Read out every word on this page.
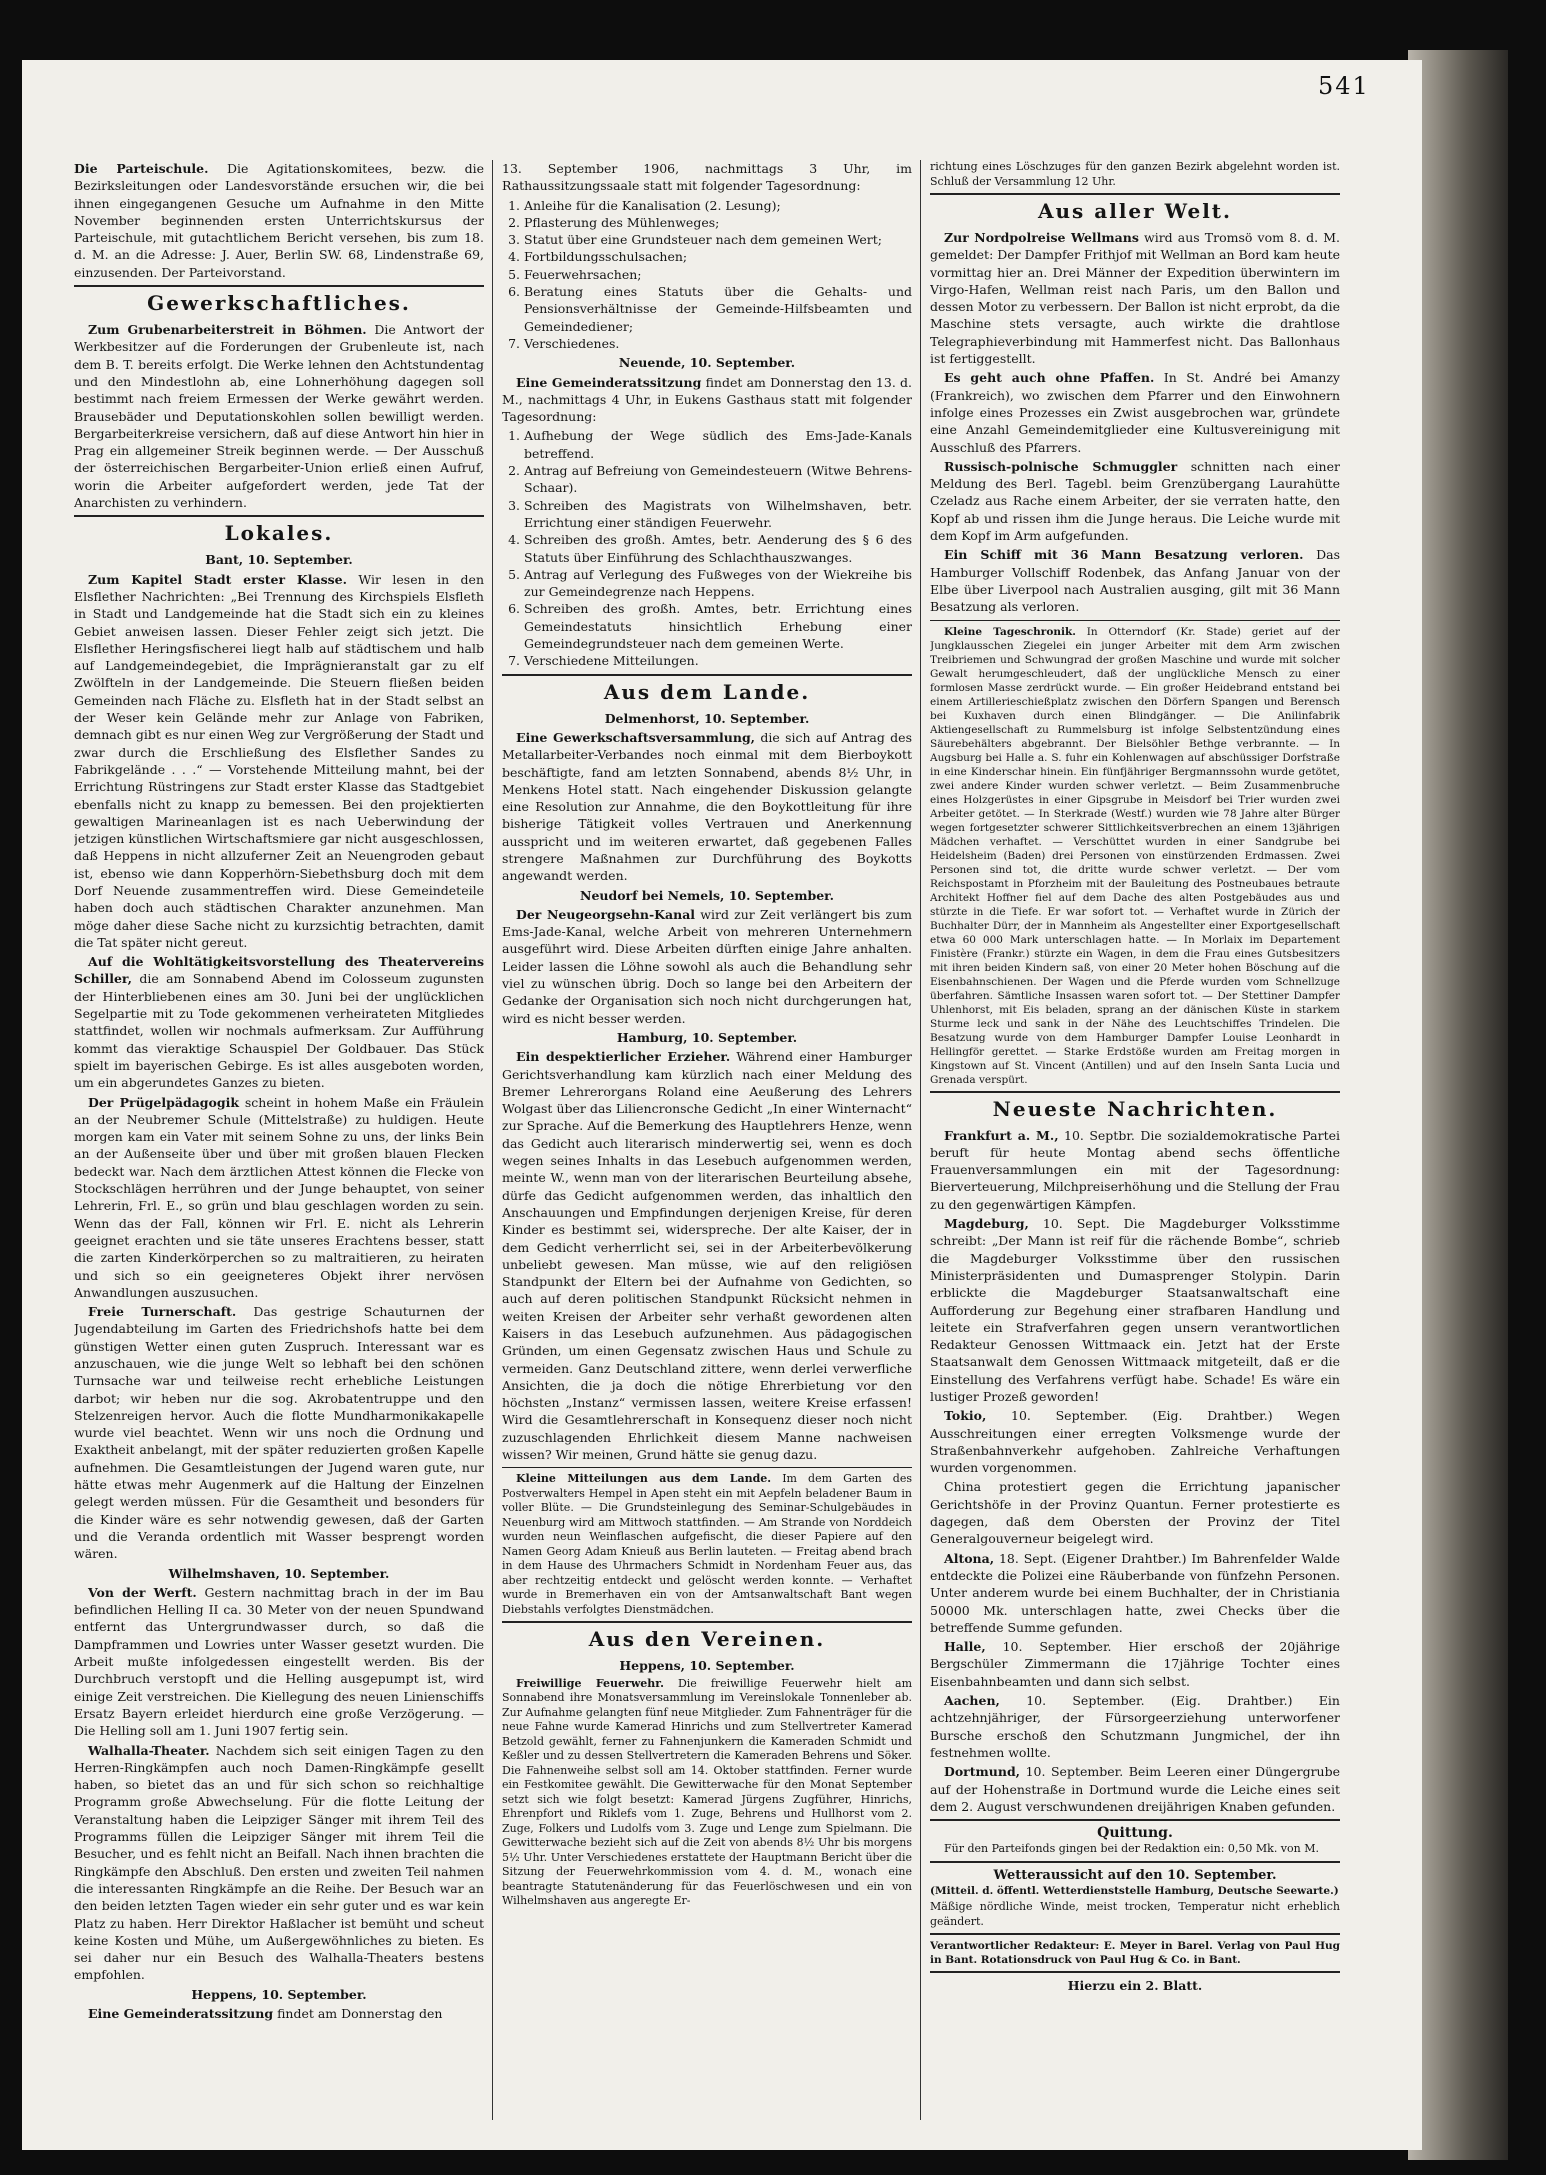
541

Die Parteischule. Die Agitationskomitees, bezw. die Bezirksleitungen oder Landesvorstände ersuchen wir, die bei ihnen eingegangenen Gesuche um Aufnahme in den Mitte November beginnenden ersten Unterrichtskursus der Parteischule, mit gutachtlichem Bericht versehen, bis zum 18. d. M. an die Adresse: J. Auer, Berlin SW. 68, Lindenstraße 69, einzusenden. Der Parteivorstand.

Gewerkschaftliches.

Zum Grubenarbeiterstreit in Böhmen. Die Antwort der Werkbesitzer auf die Forderungen der Grubenleute ist, nach dem B. T. bereits erfolgt. Die Werke lehnen den Achtstundentag und den Mindestlohn ab, eine Lohnerhöhung dagegen soll bestimmt nach freiem Ermessen der Werke gewährt werden. Brausebäder und Deputationskohlen sollen bewilligt werden. Bergarbeiterkreise versichern, daß auf diese Antwort hin hier in Prag ein allgemeiner Streik beginnen werde. — Der Ausschuß der österreichischen Bergarbeiter-Union erließ einen Aufruf, worin die Arbeiter aufgefordert werden, jede Tat der Anarchisten zu verhindern.

Lokales.
Bant, 10. September.

Zum Kapitel Stadt erster Klasse. Wir lesen in den Elsflether Nachrichten: „Bei Trennung des Kirchspiels Elsfleth in Stadt und Landgemeinde hat die Stadt sich ein zu kleines Gebiet anweisen lassen. Dieser Fehler zeigt sich jetzt. Die Elsflether Heringsfischerei liegt halb auf städtischem und halb auf Landgemeindegebiet, die Imprägnieranstalt gar zu elf Zwölfteln in der Landgemeinde. Die Steuern fließen beiden Gemeinden nach Fläche zu. Elsfleth hat in der Stadt selbst an der Weser kein Gelände mehr zur Anlage von Fabriken, demnach gibt es nur einen Weg zur Vergrößerung der Stadt und zwar durch die Erschließung des Elsflether Sandes zu Fabrikgelände . . .“ — Vorstehende Mitteilung mahnt, bei der Errichtung Rüstringens zur Stadt erster Klasse das Stadtgebiet ebenfalls nicht zu knapp zu bemessen. Bei den projektierten gewaltigen Marineanlagen ist es nach Ueberwindung der jetzigen künstlichen Wirtschaftsmiere gar nicht ausgeschlossen, daß Heppens in nicht allzuferner Zeit an Neuengroden gebaut ist, ebenso wie dann Kopperhörn-Siebethsburg doch mit dem Dorf Neuende zusammentreffen wird. Diese Gemeindeteile haben doch auch städtischen Charakter anzunehmen. Man möge daher diese Sache nicht zu kurzsichtig betrachten, damit die Tat später nicht gereut.

Auf die Wohltätigkeitsvorstellung des Theatervereins Schiller, die am Sonnabend Abend im Colosseum zugunsten der Hinterbliebenen eines am 30. Juni bei der unglücklichen Segelpartie mit zu Tode gekommenen verheirateten Mitgliedes stattfindet, wollen wir nochmals aufmerksam. Zur Aufführung kommt das vieraktige Schauspiel Der Goldbauer. Das Stück spielt im bayerischen Gebirge. Es ist alles ausgeboten worden, um ein abgerundetes Ganzes zu bieten.

Der Prügelpädagogik scheint in hohem Maße ein Fräulein an der Neubremer Schule (Mittelstraße) zu huldigen. Heute morgen kam ein Vater mit seinem Sohne zu uns, der links Bein an der Außenseite über und über mit großen blauen Flecken bedeckt war. Nach dem ärztlichen Attest können die Flecke von Stockschlägen herrühren und der Junge behauptet, von seiner Lehrerin, Frl. E., so grün und blau geschlagen worden zu sein. Wenn das der Fall, können wir Frl. E. nicht als Lehrerin geeignet erachten und sie täte unseres Erachtens besser, statt die zarten Kinderkörperchen so zu maltraitieren, zu heiraten und sich so ein geeigneteres Objekt ihrer nervösen Anwandlungen auszusuchen.

Freie Turnerschaft. Das gestrige Schauturnen der Jugendabteilung im Garten des Friedrichshofs hatte bei dem günstigen Wetter einen guten Zuspruch. Interessant war es anzuschauen, wie die junge Welt so lebhaft bei den schönen Turnsache war und teilweise recht erhebliche Leistungen darbot; wir heben nur die sog. Akrobatentruppe und den Stelzenreigen hervor. Auch die flotte Mundharmonikakapelle wurde viel beachtet. Wenn wir uns noch die Ordnung und Exaktheit anbelangt, mit der später reduzierten großen Kapelle aufnehmen. Die Gesamtleistungen der Jugend waren gute, nur hätte etwas mehr Augenmerk auf die Haltung der Einzelnen gelegt werden müssen. Für die Gesamtheit und besonders für die Kinder wäre es sehr notwendig gewesen, daß der Garten und die Veranda ordentlich mit Wasser besprengt worden wären.

Wilhelmshaven, 10. September.

Von der Werft. Gestern nachmittag brach in der im Bau befindlichen Helling II ca. 30 Meter von der neuen Spundwand entfernt das Untergrundwasser durch, so daß die Dampframmen und Lowries unter Wasser gesetzt wurden. Die Arbeit mußte infolgedessen eingestellt werden. Bis der Durchbruch verstopft und die Helling ausgepumpt ist, wird einige Zeit verstreichen. Die Kiellegung des neuen Linienschiffs Ersatz Bayern erleidet hierdurch eine große Verzögerung. — Die Helling soll am 1. Juni 1907 fertig sein.

Walhalla-Theater. Nachdem sich seit einigen Tagen zu den Herren-Ringkämpfen auch noch Damen-Ringkämpfe gesellt haben, so bietet das an und für sich schon so reichhaltige Programm große Abwechselung. Für die flotte Leitung der Veranstaltung haben die Leipziger Sänger mit ihrem Teil des Programms füllen die Leipziger Sänger mit ihrem Teil die Besucher, und es fehlt nicht an Beifall. Nach ihnen brachten die Ringkämpfe den Abschluß. Den ersten und zweiten Teil nahmen die interessanten Ringkämpfe an die Reihe. Der Besuch war an den beiden letzten Tagen wieder ein sehr guter und es war kein Platz zu haben. Herr Direktor Haßlacher ist bemüht und scheut keine Kosten und Mühe, um Außergewöhnliches zu bieten. Es sei daher nur ein Besuch des Walhalla-Theaters bestens empfohlen.

Heppens, 10. September.

Eine Gemeinderatssitzung findet am Donnerstag den

13. September 1906, nachmittags 3 Uhr, im Rathaussitzungssaale statt mit folgender Tagesordnung:

1. Anleihe für die Kanalisation (2. Lesung);
2. Pflasterung des Mühlenweges;
3. Statut über eine Grundsteuer nach dem gemeinen Wert;
4. Fortbildungsschulsachen;
5. Feuerwehrsachen;
6. Beratung eines Statuts über die Gehalts- und Pensionsverhältnisse der Gemeinde-Hilfsbeamten und Gemeindediener;
7. Verschiedenes.
Neuende, 10. September.

Eine Gemeinderatssitzung findet am Donnerstag den 13. d. M., nachmittags 4 Uhr, in Eukens Gasthaus statt mit folgender Tagesordnung:

1. Aufhebung der Wege südlich des Ems-Jade-Kanals betreffend.
2. Antrag auf Befreiung von Gemeindesteuern (Witwe Behrens-Schaar).
3. Schreiben des Magistrats von Wilhelmshaven, betr. Errichtung einer ständigen Feuerwehr.
4. Schreiben des großh. Amtes, betr. Aenderung des § 6 des Statuts über Einführung des Schlachthauszwanges.
5. Antrag auf Verlegung des Fußweges von der Wiekreihe bis zur Gemeindegrenze nach Heppens.
6. Schreiben des großh. Amtes, betr. Errichtung eines Gemeindestatuts hinsichtlich Erhebung einer Gemeindegrundsteuer nach dem gemeinen Werte.
7. Verschiedene Mitteilungen.
Aus dem Lande.
Delmenhorst, 10. September.

Eine Gewerkschaftsversammlung, die sich auf Antrag des Metallarbeiter-Verbandes noch einmal mit dem Bierboykott beschäftigte, fand am letzten Sonnabend, abends 8½ Uhr, in Menkens Hotel statt. Nach eingehender Diskussion gelangte eine Resolution zur Annahme, die den Boykottleitung für ihre bisherige Tätigkeit volles Vertrauen und Anerkennung ausspricht und im weiteren erwartet, daß gegebenen Falles strengere Maßnahmen zur Durchführung des Boykotts angewandt werden.

Neudorf bei Nemels, 10. September.

Der Neugeorgsehn-Kanal wird zur Zeit verlängert bis zum Ems-Jade-Kanal, welche Arbeit von mehreren Unternehmern ausgeführt wird. Diese Arbeiten dürften einige Jahre anhalten. Leider lassen die Löhne sowohl als auch die Behandlung sehr viel zu wünschen übrig. Doch so lange bei den Arbeitern der Gedanke der Organisation sich noch nicht durchgerungen hat, wird es nicht besser werden.

Hamburg, 10. September.

Ein despektierlicher Erzieher. Während einer Hamburger Gerichtsverhandlung kam kürzlich nach einer Meldung des Bremer Lehrerorgans Roland eine Aeußerung des Lehrers Wolgast über das Liliencronsche Gedicht „In einer Winternacht“ zur Sprache. Auf die Bemerkung des Hauptlehrers Henze, wenn das Gedicht auch literarisch minderwertig sei, wenn es doch wegen seines Inhalts in das Lesebuch aufgenommen werden, meinte W., wenn man von der literarischen Beurteilung absehe, dürfe das Gedicht aufgenommen werden, das inhaltlich den Anschauungen und Empfindungen derjenigen Kreise, für deren Kinder es bestimmt sei, widerspreche. Der alte Kaiser, der in dem Gedicht verherrlicht sei, sei in der Arbeiterbevölkerung unbeliebt gewesen. Man müsse, wie auf den religiösen Standpunkt der Eltern bei der Aufnahme von Gedichten, so auch auf deren politischen Standpunkt Rücksicht nehmen in weiten Kreisen der Arbeiter sehr verhaßt gewordenen alten Kaisers in das Lesebuch aufzunehmen. Aus pädagogischen Gründen, um einen Gegensatz zwischen Haus und Schule zu vermeiden. Ganz Deutschland zittere, wenn derlei verwerfliche Ansichten, die ja doch die nötige Ehrerbietung vor den höchsten „Instanz“ vermissen lassen, weitere Kreise erfassen! Wird die Gesamtlehrerschaft in Konsequenz dieser noch nicht zuzuschlagenden Ehrlichkeit diesem Manne nachweisen wissen? Wir meinen, Grund hätte sie genug dazu.

Kleine Mitteilungen aus dem Lande. Im dem Garten des Postverwalters Hempel in Apen steht ein mit Aepfeln beladener Baum in voller Blüte. — Die Grundsteinlegung des Seminar-Schulgebäudes in Neuenburg wird am Mittwoch stattfinden. — Am Strande von Norddeich wurden neun Weinflaschen aufgefischt, die dieser Papiere auf den Namen Georg Adam Knieuß aus Berlin lauteten. — Freitag abend brach in dem Hause des Uhrmachers Schmidt in Nordenham Feuer aus, das aber rechtzeitig entdeckt und gelöscht werden konnte. — Verhaftet wurde in Bremerhaven ein von der Amtsanwaltschaft Bant wegen Diebstahls verfolgtes Dienstmädchen.

Aus den Vereinen.
Heppens, 10. September.

Freiwillige Feuerwehr. Die freiwillige Feuerwehr hielt am Sonnabend ihre Monatsversammlung im Vereinslokale Tonnenleber ab. Zur Aufnahme gelangten fünf neue Mitglieder. Zum Fahnenträger für die neue Fahne wurde Kamerad Hinrichs und zum Stellvertreter Kamerad Betzold gewählt, ferner zu Fahnenjunkern die Kameraden Schmidt und Keßler und zu dessen Stellvertretern die Kameraden Behrens und Söker. Die Fahnenweihe selbst soll am 14. Oktober stattfinden. Ferner wurde ein Festkomitee gewählt. Die Gewitterwache für den Monat September setzt sich wie folgt besetzt: Kamerad Jürgens Zugführer, Hinrichs, Ehrenpfort und Riklefs vom 1. Zuge, Behrens und Hullhorst vom 2. Zuge, Folkers und Ludolfs vom 3. Zuge und Lenge zum Spielmann. Die Gewitterwache bezieht sich auf die Zeit von abends 8½ Uhr bis morgens 5½ Uhr. Unter Verschiedenes erstattete der Hauptmann Bericht über die Sitzung der Feuerwehrkommission vom 4. d. M., wonach eine beantragte Statutenänderung für das Feuerlöschwesen und ein von Wilhelmshaven aus angeregte Er-

richtung eines Löschzuges für den ganzen Bezirk abgelehnt worden ist. Schluß der Versammlung 12 Uhr.

Aus aller Welt.

Zur Nordpolreise Wellmans wird aus Tromsö vom 8. d. M. gemeldet: Der Dampfer Frithjof mit Wellman an Bord kam heute vormittag hier an. Drei Männer der Expedition überwintern im Virgo-Hafen, Wellman reist nach Paris, um den Ballon und dessen Motor zu verbessern. Der Ballon ist nicht erprobt, da die Maschine stets versagte, auch wirkte die drahtlose Telegraphieverbindung mit Hammerfest nicht. Das Ballonhaus ist fertiggestellt.

Es geht auch ohne Pfaffen. In St. André bei Amanzy (Frankreich), wo zwischen dem Pfarrer und den Einwohnern infolge eines Prozesses ein Zwist ausgebrochen war, gründete eine Anzahl Gemeindemitglieder eine Kultusvereinigung mit Ausschluß des Pfarrers.

Russisch-polnische Schmuggler schnitten nach einer Meldung des Berl. Tagebl. beim Grenzübergang Laurahütte Czeladz aus Rache einem Arbeiter, der sie verraten hatte, den Kopf ab und rissen ihm die Junge heraus. Die Leiche wurde mit dem Kopf im Arm aufgefunden.

Ein Schiff mit 36 Mann Besatzung verloren. Das Hamburger Vollschiff Rodenbek, das Anfang Januar von der Elbe über Liverpool nach Australien ausging, gilt mit 36 Mann Besatzung als verloren.

Kleine Tageschronik. In Otterndorf (Kr. Stade) geriet auf der Jungklausschen Ziegelei ein junger Arbeiter mit dem Arm zwischen Treibriemen und Schwungrad der großen Maschine und wurde mit solcher Gewalt herumgeschleudert, daß der unglückliche Mensch zu einer formlosen Masse zerdrückt wurde. — Ein großer Heidebrand entstand bei einem Artillerieschießplatz zwischen den Dörfern Spangen und Berensch bei Kuxhaven durch einen Blindgänger. — Die Anilinfabrik Aktiengesellschaft zu Rummelsburg ist infolge Selbstentzündung eines Säurebehälters abgebrannt. Der Bielsöhler Bethge verbrannte. — In Augsburg bei Halle a. S. fuhr ein Kohlenwagen auf abschüssiger Dorfstraße in eine Kinderschar hinein. Ein fünfjähriger Bergmannssohn wurde getötet, zwei andere Kinder wurden schwer verletzt. — Beim Zusammenbruche eines Holzgerüstes in einer Gipsgrube in Meisdorf bei Trier wurden zwei Arbeiter getötet. — In Sterkrade (Westf.) wurden wie 78 Jahre alter Bürger wegen fortgesetzter schwerer Sittlichkeitsverbrechen an einem 13jährigen Mädchen verhaftet. — Verschüttet wurden in einer Sandgrube bei Heidelsheim (Baden) drei Personen von einstürzenden Erdmassen. Zwei Personen sind tot, die dritte wurde schwer verletzt. — Der vom Reichspostamt in Pforzheim mit der Bauleitung des Postneubaues betraute Architekt Hoffner fiel auf dem Dache des alten Postgebäudes aus und stürzte in die Tiefe. Er war sofort tot. — Verhaftet wurde in Zürich der Buchhalter Dürr, der in Mannheim als Angestellter einer Exportgesellschaft etwa 60 000 Mark unterschlagen hatte. — In Morlaix im Departement Finistère (Frankr.) stürzte ein Wagen, in dem die Frau eines Gutsbesitzers mit ihren beiden Kindern saß, von einer 20 Meter hohen Böschung auf die Eisenbahnschienen. Der Wagen und die Pferde wurden vom Schnellzuge überfahren. Sämtliche Insassen waren sofort tot. — Der Stettiner Dampfer Uhlenhorst, mit Eis beladen, sprang an der dänischen Küste in starkem Sturme leck und sank in der Nähe des Leuchtschiffes Trindelen. Die Besatzung wurde von dem Hamburger Dampfer Louise Leonhardt in Hellingför gerettet. — Starke Erdstöße wurden am Freitag morgen in Kingstown auf St. Vincent (Antillen) und auf den Inseln Santa Lucia und Grenada verspürt.

Neueste Nachrichten.

Frankfurt a. M., 10. Septbr. Die sozialdemokratische Partei beruft für heute Montag abend sechs öffentliche Frauenversammlungen ein mit der Tagesordnung: Bierverteuerung, Milchpreiserhöhung und die Stellung der Frau zu den gegenwärtigen Kämpfen.

Magdeburg, 10. Sept. Die Magdeburger Volksstimme schreibt: „Der Mann ist reif für die rächende Bombe“, schrieb die Magdeburger Volksstimme über den russischen Ministerpräsidenten und Dumasprenger Stolypin. Darin erblickte die Magdeburger Staatsanwaltschaft eine Aufforderung zur Begehung einer strafbaren Handlung und leitete ein Strafverfahren gegen unsern verantwortlichen Redakteur Genossen Wittmaack ein. Jetzt hat der Erste Staatsanwalt dem Genossen Wittmaack mitgeteilt, daß er die Einstellung des Verfahrens verfügt habe. Schade! Es wäre ein lustiger Prozeß geworden!

Tokio, 10. September. (Eig. Drahtber.) Wegen Ausschreitungen einer erregten Volksmenge wurde der Straßenbahnverkehr aufgehoben. Zahlreiche Verhaftungen wurden vorgenommen.

China protestiert gegen die Errichtung japanischer Gerichtshöfe in der Provinz Quantun. Ferner protestierte es dagegen, daß dem Obersten der Provinz der Titel Generalgouverneur beigelegt wird.

Altona, 18. Sept. (Eigener Drahtber.) Im Bahrenfelder Walde entdeckte die Polizei eine Räuberbande von fünfzehn Personen. Unter anderem wurde bei einem Buchhalter, der in Christiania 50000 Mk. unterschlagen hatte, zwei Checks über die betreffende Summe gefunden.

Halle, 10. September. Hier erschoß der 20jährige Bergschüler Zimmermann die 17jährige Tochter eines Eisenbahnbeamten und dann sich selbst.

Aachen, 10. September. (Eig. Drahtber.) Ein achtzehnjähriger, der Fürsorgeerziehung unterworfener Bursche erschoß den Schutzmann Jungmichel, der ihn festnehmen wollte.

Dortmund, 10. September. Beim Leeren einer Düngergrube auf der Hohenstraße in Dortmund wurde die Leiche eines seit dem 2. August verschwundenen dreijährigen Knaben gefunden.

Quittung.

Für den Parteifonds gingen bei der Redaktion ein: 0,50 Mk. von M.

Wetteraussicht auf den 10. September.

(Mitteil. d. öffentl. Wetterdienststelle Hamburg, Deutsche Seewarte.)

Mäßige nördliche Winde, meist trocken, Temperatur nicht erheblich geändert.

Verantwortlicher Redakteur: E. Meyer in Barel. Verlag von Paul Hug in Bant. Rotationsdruck von Paul Hug & Co. in Bant.

Hierzu ein 2. Blatt.
